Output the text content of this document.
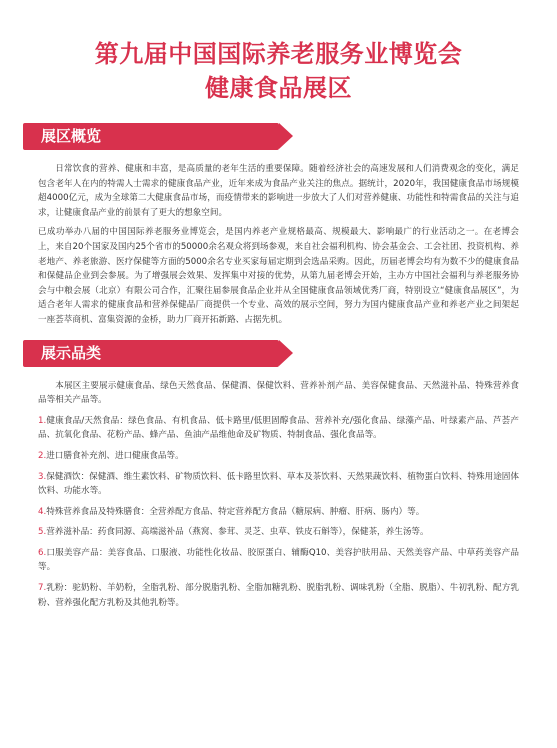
第九届中国国际养老服务业博览会
健康食品展区
展区概览

日常饮食的营养、健康和丰富，是高质量的老年生活的重要保障。随着经济社会的高速发展和人们消费观念的变化，满足包含老年人在内的特需人士需求的健康食品产业，近年来成为食品产业关注的焦点。据统计，2020年，我国健康食品市场规模超4000亿元，成为全球第二大健康食品市场，而疫情带来的影响进一步放大了人们对营养健康、功能性和特需食品的关注与追求，让健康食品产业的前景有了更大的想象空间。

已成功举办八届的中国国际养老服务业博览会，是国内养老产业规格最高、规模最大、影响最广的行业活动之一。在老博会上，来自20个国家及国内25个省市的50000余名观众将到场参观，来自社会福利机构、协会基金会、工会社团、投资机构、养老地产、养老旅游、医疗保健等方面的5000余名专业买家每届定期到会选品采购。因此，历届老博会均有为数不少的健康食品和保健品企业到会参展。为了增强展会效果、发挥集中对接的优势，从第九届老博会开始，主办方中国社会福利与养老服务协会与中粮会展（北京）有限公司合作，汇聚往届参展食品企业并从全国健康食品领域优秀厂商，特别设立“健康食品展区”，为适合老年人需求的健康食品和营养保健品厂商提供一个专业、高效的展示空间，努力为国内健康食品产业和养老产业之间架起一座荟萃商机、富集资源的金桥，助力厂商开拓新路、占据先机。

展示品类

本展区主要展示健康食品、绿色天然食品、保健酒、保健饮料、营养补剂产品、美容保健食品、天然滋补品、特殊营养食品等相关产品等。

1.健康食品/天然食品：绿色食品、有机食品、低卡路里/低胆固醇食品、营养补充/强化食品、绿藻产品、叶绿素产品、芦荟产品、抗氧化食品、花粉产品、蜂产品、鱼油产品维他命及矿物质、特制食品、强化食品等。

2.进口膳食补充剂、进口健康食品等。

3.保健酒饮：保健酒、维生素饮料、矿物质饮料、低卡路里饮料、草本及茶饮料、天然果蔬饮料、植物蛋白饮料、特殊用途固体饮料、功能水等。

4.特殊营养食品及特殊膳食：全营养配方食品、特定营养配方食品（糖尿病、肿瘤、肝病、肠内）等。

5.营养滋补品：药食同源、高端滋补品（燕窝、参茸、灵芝、虫草、铁皮石斛等），保健茶，养生汤等。

6.口服美容产品：美容食品、口服液、功能性化妆品、胶原蛋白、辅酶Q10、美容护肤用品、天然美容产品、中草药美容产品等。

7.乳粉：驼奶粉、羊奶粉，全脂乳粉、部分脱脂乳粉、全脂加糖乳粉、脱脂乳粉、调味乳粉（全脂、脱脂）、牛初乳粉、配方乳粉、营养强化配方乳粉及其他乳粉等。
